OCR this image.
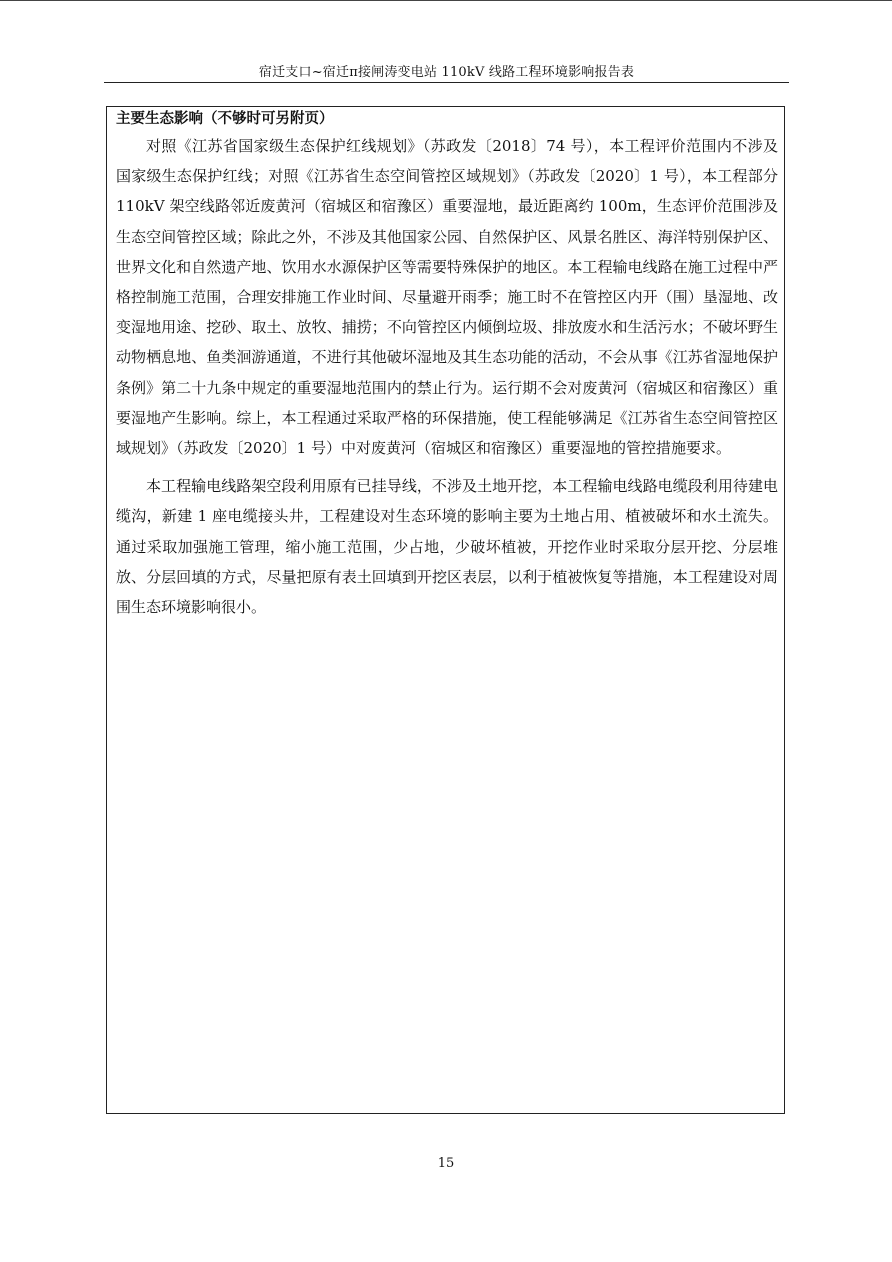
宿迁支口~宿迁π接闸涛变电站 110kV 线路工程环境影响报告表
主要生态影响（不够时可另附页）

对照《江苏省国家级生态保护红线规划》（苏政发〔2018〕74 号），本工程评价范围内不涉及国家级生态保护红线；对照《江苏省生态空间管控区域规划》（苏政发〔2020〕1 号），本工程部分 110kV 架空线路邻近废黄河（宿城区和宿豫区）重要湿地，最近距离约 100m，生态评价范围涉及生态空间管控区域；除此之外，不涉及其他国家公园、自然保护区、风景名胜区、海洋特别保护区、世界文化和自然遗产地、饮用水水源保护区等需要特殊保护的地区。本工程输电线路在施工过程中严格控制施工范围，合理安排施工作业时间、尽量避开雨季；施工时不在管控区内开（围）垦湿地、改变湿地用途、挖砂、取土、放牧、捕捞；不向管控区内倾倒垃圾、排放废水和生活污水；不破坏野生动物栖息地、鱼类洄游通道，不进行其他破坏湿地及其生态功能的活动，不会从事《江苏省湿地保护条例》第二十九条中规定的重要湿地范围内的禁止行为。运行期不会对废黄河（宿城区和宿豫区）重要湿地产生影响。综上，本工程通过采取严格的环保措施，使工程能够满足《江苏省生态空间管控区域规划》（苏政发〔2020〕1 号）中对废黄河（宿城区和宿豫区）重要湿地的管控措施要求。

本工程输电线路架空段利用原有已挂导线，不涉及土地开挖，本工程输电线路电缆段利用待建电缆沟，新建 1 座电缆接头井，工程建设对生态环境的影响主要为土地占用、植被破坏和水土流失。通过采取加强施工管理，缩小施工范围，少占地，少破坏植被，开挖作业时采取分层开挖、分层堆放、分层回填的方式，尽量把原有表土回填到开挖区表层，以利于植被恢复等措施，本工程建设对周围生态环境影响很小。

15
